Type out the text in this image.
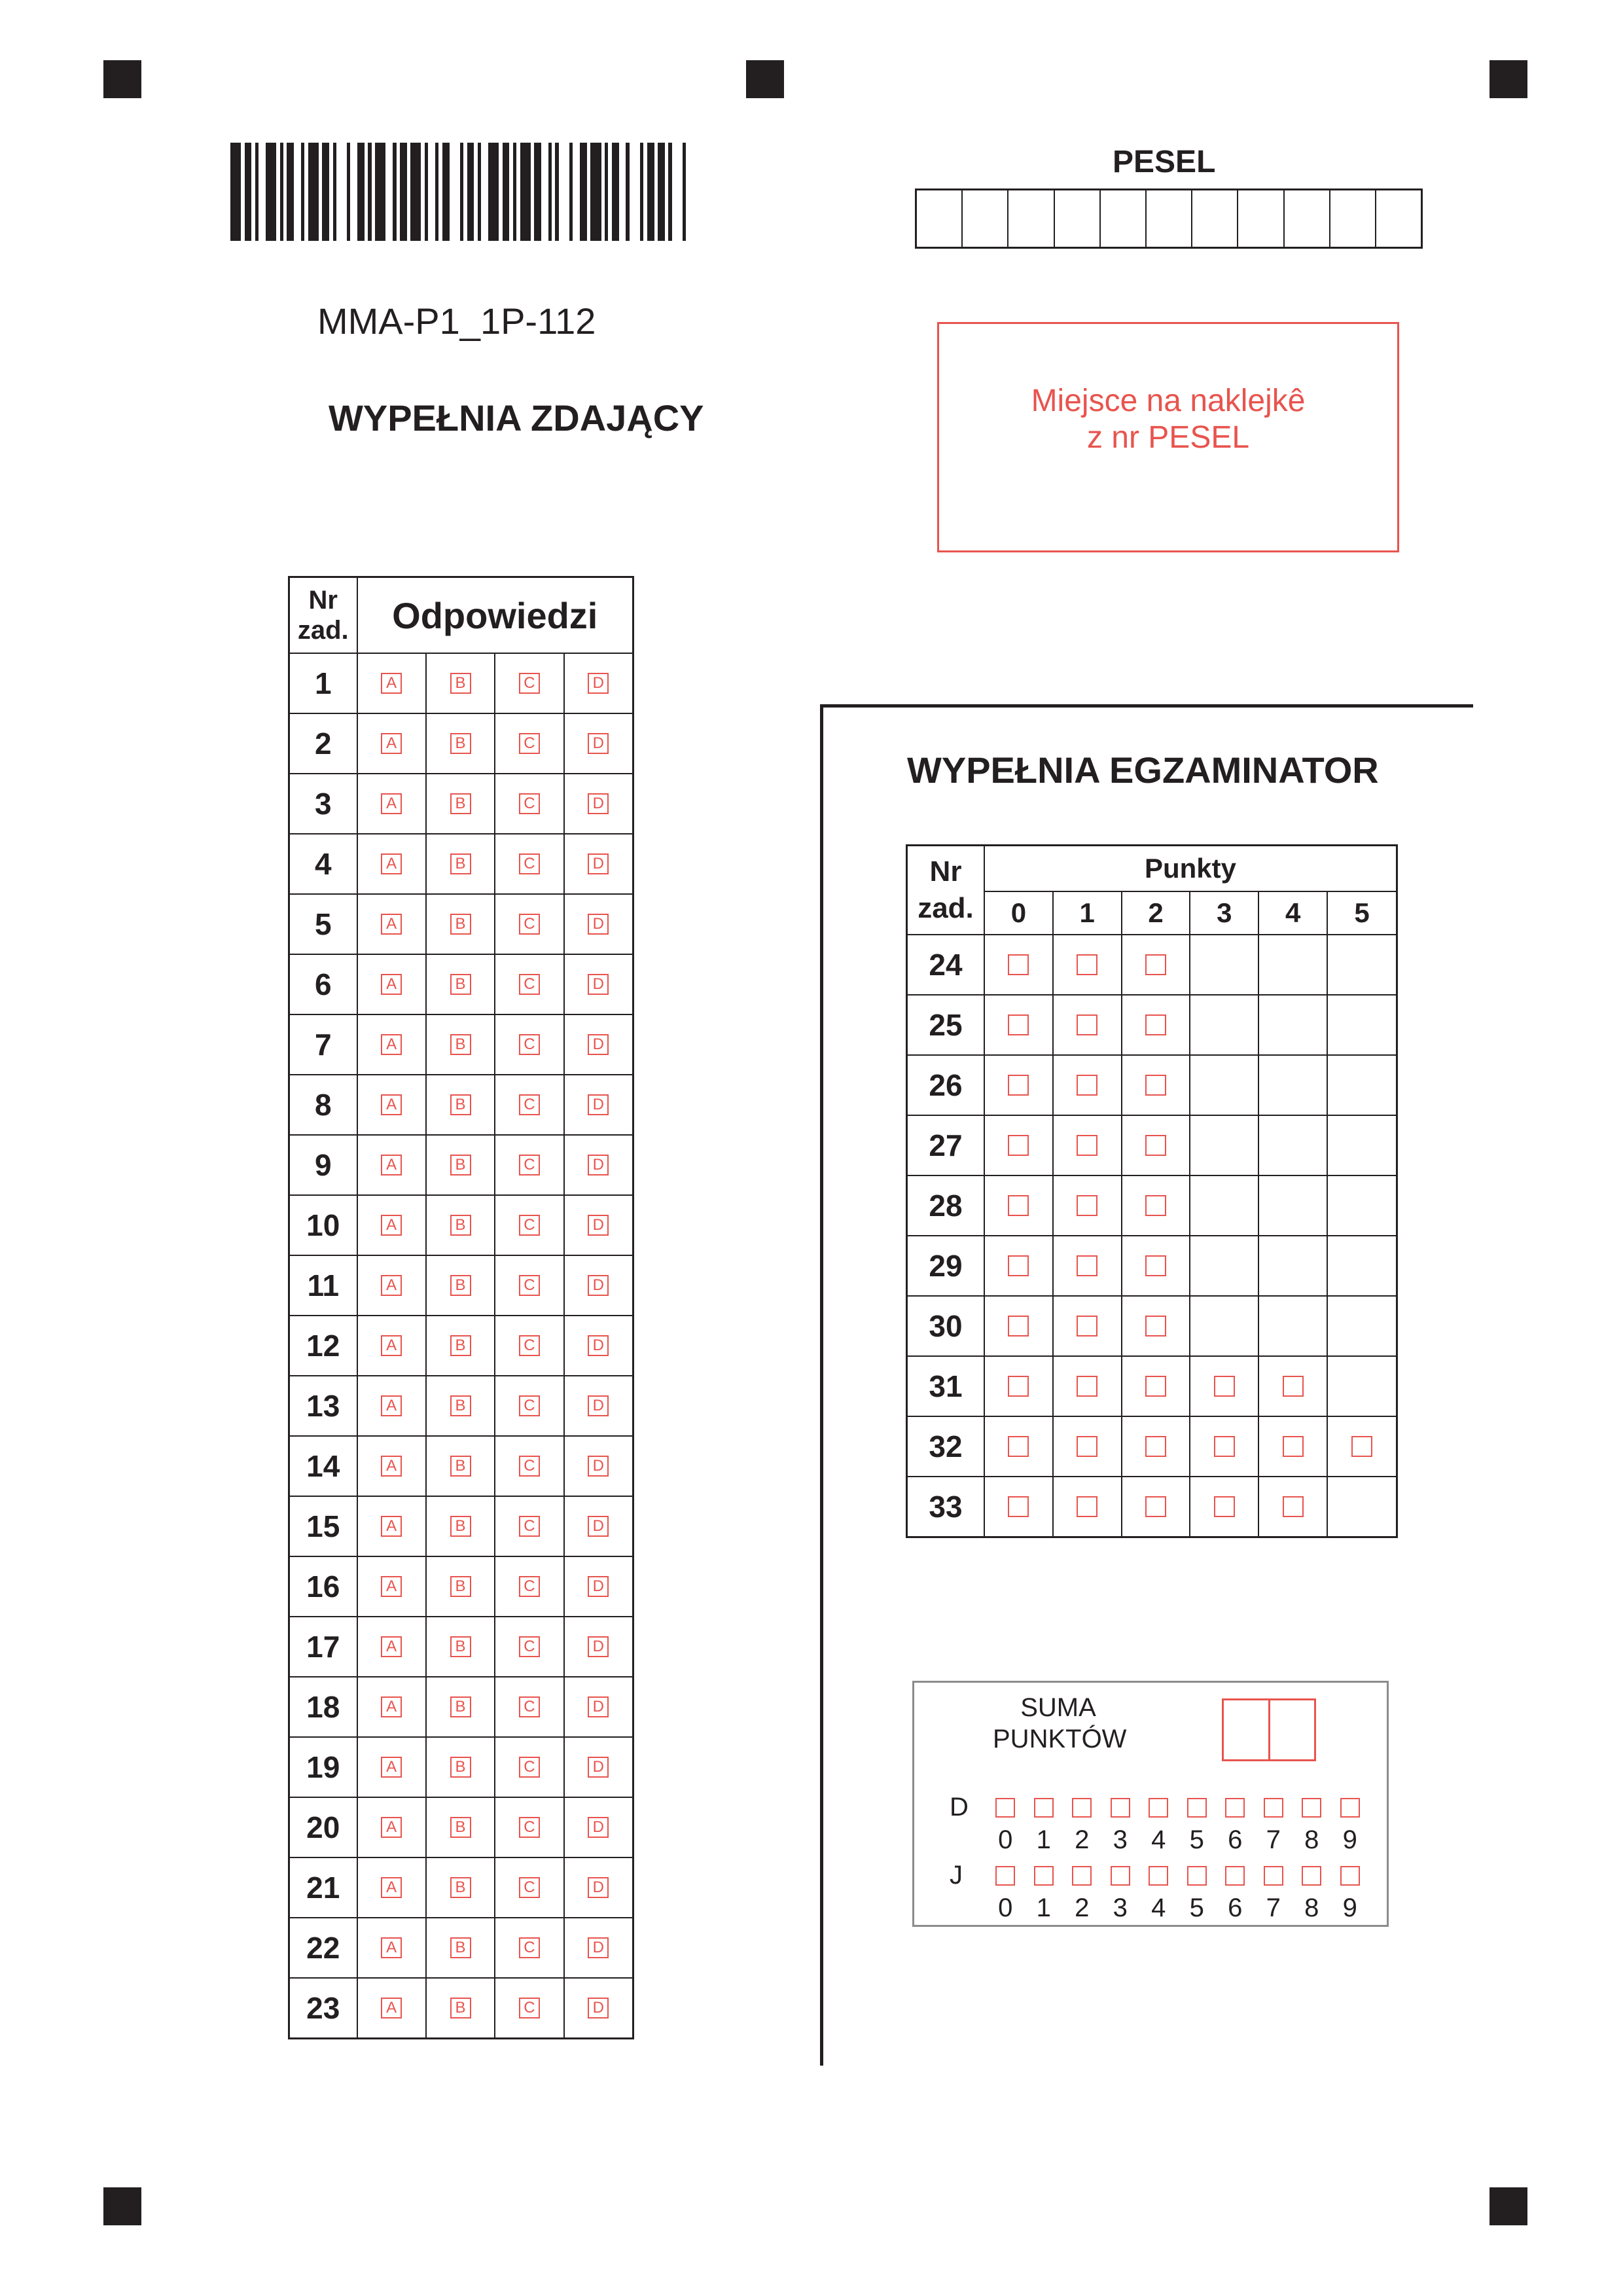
MMA-P1_1P-112
WYPEŁNIA ZDAJĄCY
PESEL
Miejsce na naklejkê
z nr PESEL
Nr
zad.	Odpowiedzi			
1	A	B	C	D
2	A	B	C	D
3	A	B	C	D
4	A	B	C	D
5	A	B	C	D
6	A	B	C	D
7	A	B	C	D
8	A	B	C	D
9	A	B	C	D
10	A	B	C	D
11	A	B	C	D
12	A	B	C	D
13	A	B	C	D
14	A	B	C	D
15	A	B	C	D
16	A	B	C	D
17	A	B	C	D
18	A	B	C	D
19	A	B	C	D
20	A	B	C	D
21	A	B	C	D
22	A	B	C	D
23	A	B	C	D
WYPEŁNIA EGZAMINATOR
Nr
zad.	Punkty					
	0	1	2	3	4	5
24						
25						
26						
27						
28						
29						
30						
31						
32						
33						
SUMA
PUNKTÓW
D
0 1 2 3 4 5 6 7 8 9
J
0 1 2 3 4 5 6 7 8 9
